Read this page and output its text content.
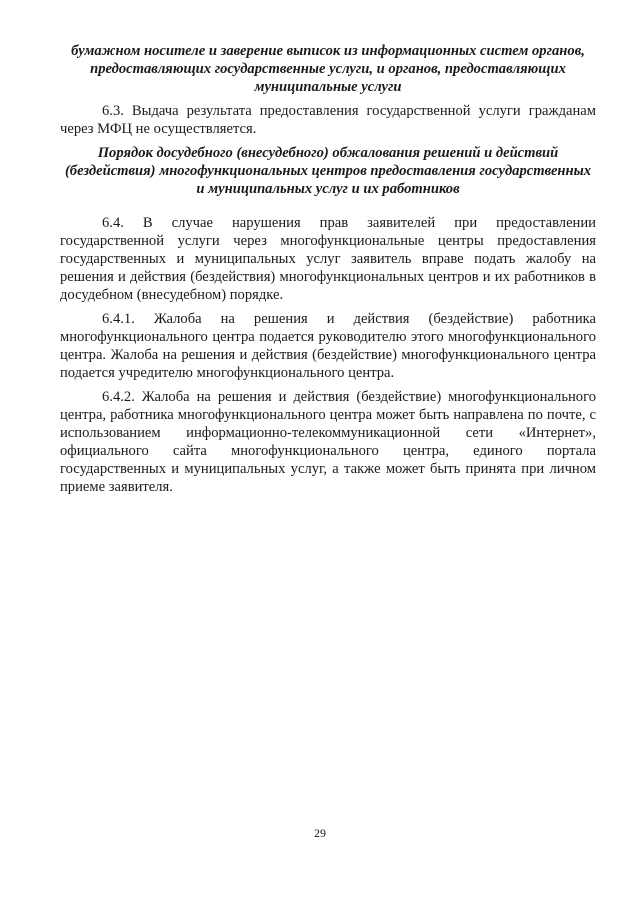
бумажном носителе и заверение выписок из информационных систем органов, предоставляющих государственные услуги, и органов, предоставляющих муниципальные услуги

6.3. Выдача результата предоставления государственной услуги гражданам через МФЦ не осуществляется.

Порядок досудебного (внесудебного) обжалования решений и действий (бездействия) многофункциональных центров предоставления государственных и муниципальных услуг и их работников

6.4. В случае нарушения прав заявителей при предоставлении государственной услуги через многофункциональные центры предоставления государственных и муниципальных услуг заявитель вправе подать жалобу на решения и действия (бездействия) многофункциональных центров и их работников в досудебном (внесудебном) порядке.

6.4.1. Жалоба на решения и действия (бездействие) работника многофункционального центра подается руководителю этого многофункционального центра. Жалоба на решения и действия (бездействие) многофункционального центра подается учредителю многофункционального центра.

6.4.2. Жалоба на решения и действия (бездействие) многофункционального центра, работника многофункционального центра может быть направлена по почте, с использованием информационно-телекоммуникационной сети «Интернет», официального сайта многофункционального центра, единого портала государственных и муниципальных услуг, а также может быть принята при личном приеме заявителя.

29
